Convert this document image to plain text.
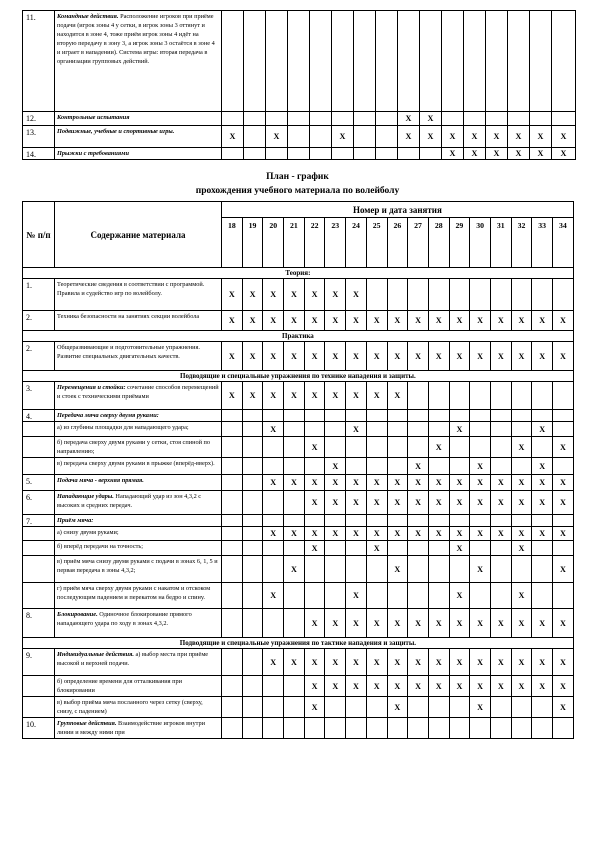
11.	Командные действия. Расположение игроков при приёме подачи (игрок зоны 4 у сетки, в игрок зоны 3 оттянут и находится в зоне 4, тоже приём игрок зоны 4 идёт на вторую передачу в зону 3, а игрок зоны 3 остаётся в зоне 4 и играет в нападении). Система игры: вторая передача в организации групповых действий.																
12.	Контрольные испытания									X	X						
13.	Подвижные, учебные и спортивные игры.	X		X			X			X	X	X	X	X	X	X	X
14.	Прыжки с требованиями											X	X	X	X	X	X
План - график
прохождения учебного материала по волейболу
№ п/п	Содержание материала	Номер и дата занятия																
		18	19	20	21	22	23	24	25	26	27	28	29	30	31	32	33	34
Теория:																		
1.	Теоретические сведения в соответствии с программой. Правила и судейство игр по волейболу.	X	X	X	X	X	X	X										
2.	Техника безопасности на занятиях секции волейбола	X	X	X	X	X	X	X	X	X	X	X	X	X	X	X	X	X
Практика																		
2.	Общеразвивающие и подготовительные упражнения. Развитие специальных двигательных качеств.	X	X	X	X	X	X	X	X	X	X	X	X	X	X	X	X	X
Подводящие и специальные упражнения по технике нападения и защиты.																		
3.	Перемещения и стойки: сочетание способов перемещений и стоек с техническими приёмами	X	X	X	X	X	X	X	X	X								
4.	Передача мяча сверху двумя руками:																	
	а) из глубины площадки для нападающего удара;			X				X					X				X	
	б) передача сверху двумя руками у сетки, стоя спиной по направлению;					X						X				X		X
	в) передача сверху двумя руками в прыжке (вперёд-вверх).						X				X			X			X	
5.	Подача мяча - верхняя прямая.			X	X	X	X	X	X	X	X	X	X	X	X	X	X	X
6.	Нападающие удары. Нападающий удар из зон 4,3,2 с высоких и средних передач.					X	X	X	X	X	X	X	X	X	X	X	X	X
7.	Приём мяча:																	
	а) снизу двумя руками;			X	X	X	X	X	X	X	X	X	X	X	X	X	X	X
	б) вперёд передачи на точность;					X			X				X			X		
	в) приём мяча снизу двумя руками с подачи в зонах 6, 1, 5 и первая передача в зоны 4,3,2;				X					X				X				X
	г) приём мяча сверху двумя руками с накатом и отскоком последующим падением и перекатом на бедро и спину.			X				X					X			X		
8.	Блокирование. Одиночное блокирование прямого нападающего удара по ходу в зонах 4,3,2.					X	X	X	X	X	X	X	X	X	X	X	X	X
Подводящие и специальные упражнения по тактике нападения и защиты.																		
9.	Индивидуальные действия. а) выбор места при приёме высокой и верхней подачи.			X	X	X	X	X	X	X	X	X	X	X	X	X	X	X
	б) определение времени для отталкивания при блокировании					X	X	X	X	X	X	X	X	X	X	X	X	X
	в) выбор приёма мяча посланного через сетку (сверху, снизу, с падением)					X				X				X				X
10.	Групповые действия. Взаимодействие игроков внутри линии и между ними при																	
